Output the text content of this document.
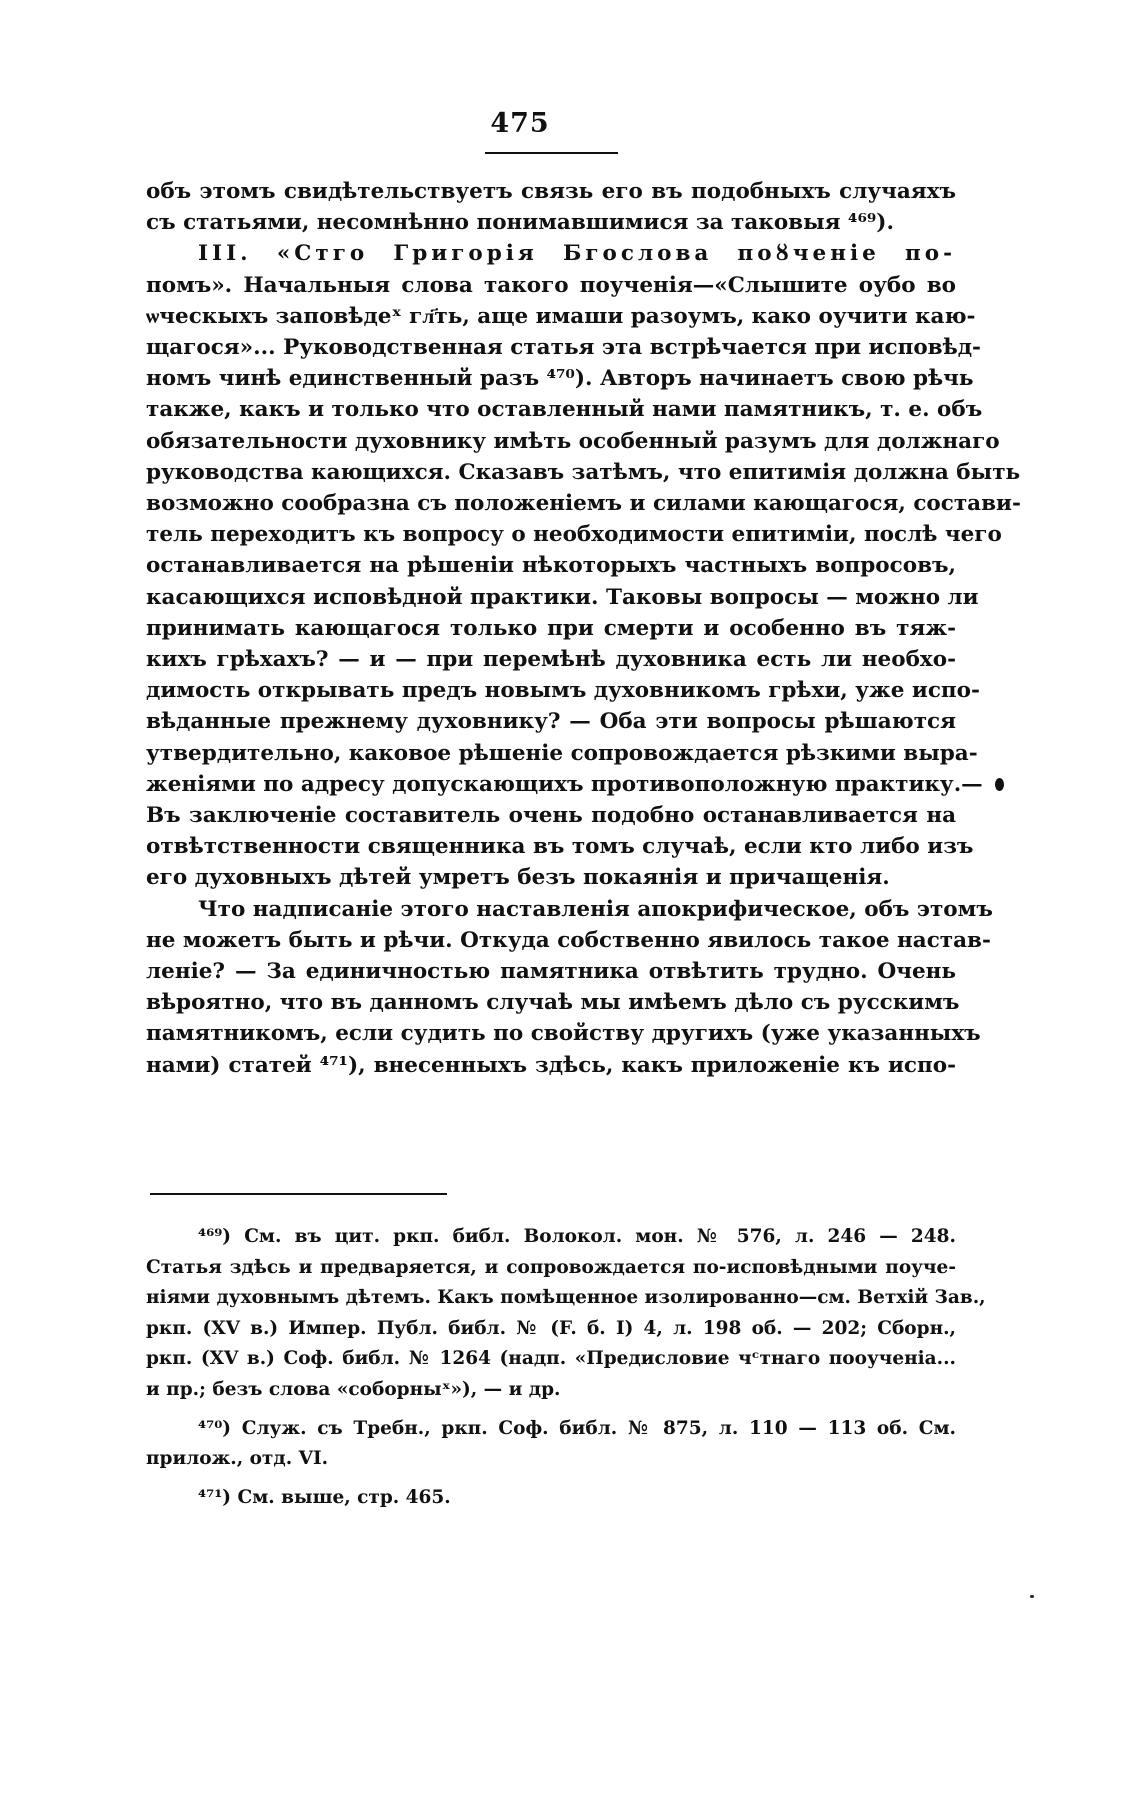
475
объ этомъ свидѣтельствуетъ связь его въ подобныхъ случаяхъ
съ статьями, несомнѣнно понимавшимися за таковыя ⁴⁶⁹).
III. «Стго Григорія Бгослова поȣченіе по-
помъ». Начальныя слова такого поученія—«Слышите оубо во
ѡческыхъ заповѣдеˣ гл҃ть, аще имаши разоумъ, како оучити каю-
щагося»... Руководственная статья эта встрѣчается при исповѣд-
номъ чинѣ единственный разъ ⁴⁷⁰). Авторъ начинаетъ свою рѣчь
также, какъ и только что оставленный нами памятникъ, т. е. объ
обязательности духовнику имѣть особенный разумъ для должнаго
руководства кающихся. Сказавъ затѣмъ, что епитимія должна быть
возможно сообразна съ положеніемъ и силами кающагося, состави-
тель переходитъ къ вопросу о необходимости епитиміи, послѣ чего
останавливается на рѣшеніи нѣкоторыхъ частныхъ вопросовъ,
касающихся исповѣдной практики. Таковы вопросы — можно ли
принимать кающагося только при смерти и особенно въ тяж-
кихъ грѣхахъ? — и — при перемѣнѣ духовника есть ли необхо-
димость открывать предъ новымъ духовникомъ грѣхи, уже испо-
вѣданные прежнему духовнику? — Оба эти вопросы рѣшаются
утвердительно, каковое рѣшеніе сопровождается рѣзкими выра-
женіями по адресу допускающихъ противоположную практику.—
Въ заключеніе составитель очень подобно останавливается на
отвѣтственности священника въ томъ случаѣ, если кто либо изъ
его духовныхъ дѣтей умретъ безъ покаянія и причащенія.
Что надписаніе этого наставленія апокрифическое, объ этомъ
не можетъ быть и рѣчи. Откуда собственно явилось такое настав-
леніе? — За единичностью памятника отвѣтить трудно. Очень
вѣроятно, что въ данномъ случаѣ мы имѣемъ дѣло съ русскимъ
памятникомъ, если судить по свойству другихъ (уже указанныхъ
нами) статей ⁴⁷¹), внесенныхъ здѣсь, какъ приложеніе къ испо-
⁴⁶⁹) См. въ цит. ркп. библ. Волокол. мон. № 576, л. 246 — 248.
Статья здѣсь и предваряется, и сопровождается по-исповѣдными поуче-
ніями духовнымъ дѣтемъ. Какъ помѣщенное изолированно—см. Ветхій Зав.,
ркп. (XV в.) Импер. Публ. библ. № (F. б. I) 4, л. 198 об. — 202; Сборн.,
ркп. (XV в.) Соф. библ. № 1264 (надп. «Предисловие чᶜтнаго пооученіа...
и пр.; безъ слова «соборныˣ»), — и др.
⁴⁷⁰) Служ. съ Требн., ркп. Соф. библ. № 875, л. 110 — 113 об. См.
прилож., отд. VI.
⁴⁷¹) См. выше, стр. 465.
